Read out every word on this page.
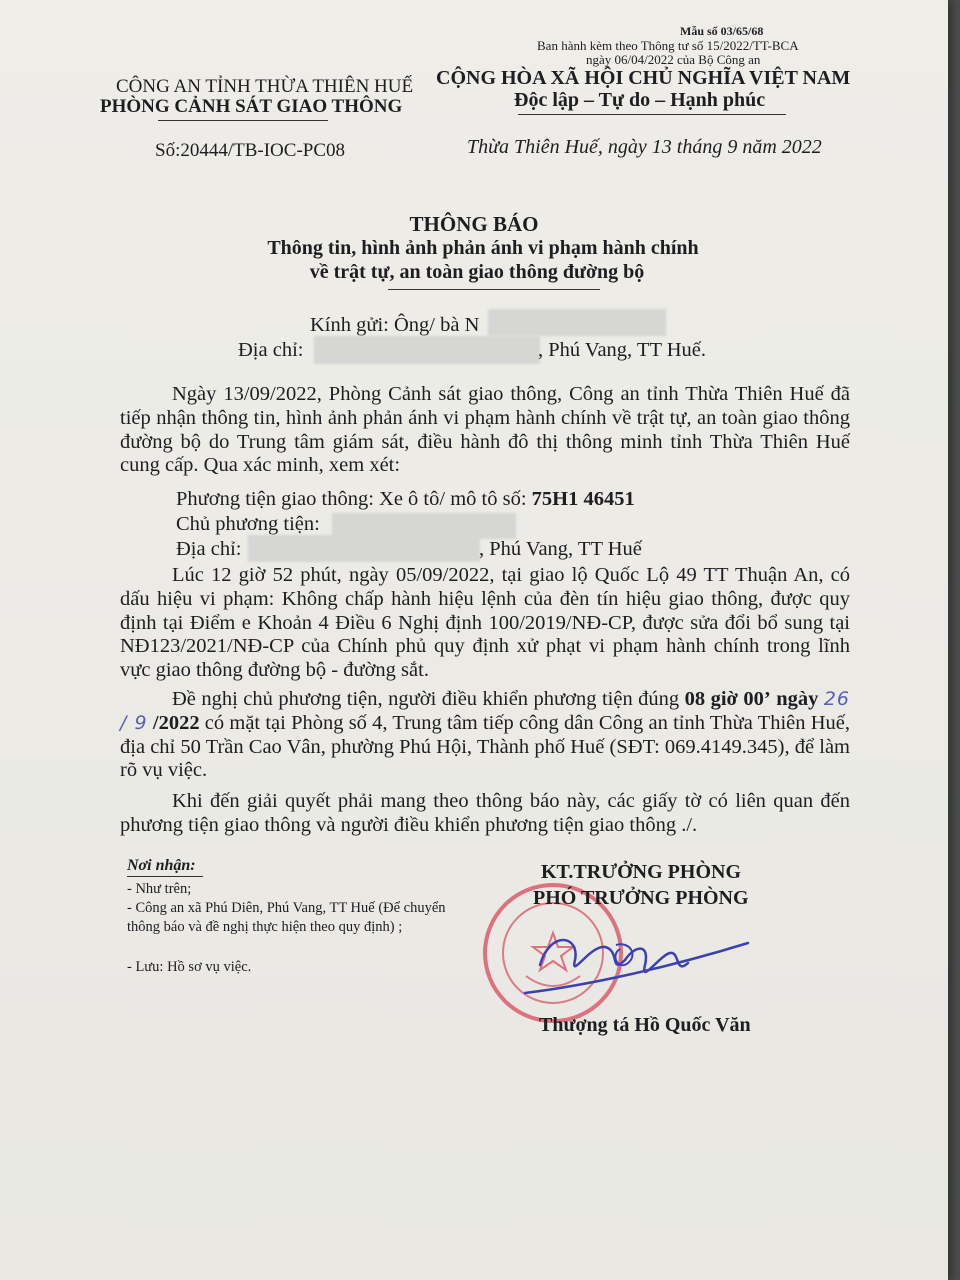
Mẫu số 03/65/68
Ban hành kèm theo Thông tư số 15/2022/TT-BCA
ngày 06/04/2022 của Bộ Công an
CÔNG AN TỈNH THỪA THIÊN HUẾ
PHÒNG CẢNH SÁT GIAO THÔNG
CỘNG HÒA XÃ HỘI CHỦ NGHĨA VIỆT NAM
Độc lập – Tự do – Hạnh phúc
Số:20444/TB-IOC-PC08	Thừa Thiên Huế, ngày 13 tháng 9 năm 2022
THÔNG BÁO
Thông tin, hình ảnh phản ánh vi phạm hành chính
về trật tự, an toàn giao thông đường bộ
Kính gửi: Ông/ bà N
Địa chỉ:	, Phú Vang, TT Huế.
Ngày 13/09/2022, Phòng Cảnh sát giao thông, Công an tỉnh Thừa Thiên Huế đã tiếp nhận thông tin, hình ảnh phản ánh vi phạm hành chính về trật tự, an toàn giao thông đường bộ do Trung tâm giám sát, điều hành đô thị thông minh tỉnh Thừa Thiên Huế cung cấp. Qua xác minh, xem xét:
Phương tiện giao thông: Xe ô tô/ mô tô số: 75H1 46451
Chủ phương tiện:
Địa chỉ:	, Phú Vang, TT Huế
Lúc 12 giờ 52 phút, ngày 05/09/2022, tại giao lộ Quốc Lộ 49 TT Thuận An, có dấu hiệu vi phạm: Không chấp hành hiệu lệnh của đèn tín hiệu giao thông, được quy định tại Điểm e Khoản 4 Điều 6 Nghị định 100/2019/NĐ-CP, được sửa đổi bổ sung tại NĐ123/2021/NĐ-CP của Chính phủ quy định xử phạt vi phạm hành chính trong lĩnh vực giao thông đường bộ - đường sắt.
Đề nghị chủ phương tiện, người điều khiển phương tiện đúng 08 giờ 00’ ngày 26 / 9 /2022 có mặt tại Phòng số 4, Trung tâm tiếp công dân Công an tỉnh Thừa Thiên Huế, địa chỉ 50 Trần Cao Vân, phường Phú Hội, Thành phố Huế (SĐT: 069.4149.345), để làm rõ vụ việc.
Khi đến giải quyết phải mang theo thông báo này, các giấy tờ có liên quan đến phương tiện giao thông và người điều khiển phương tiện giao thông ./.
Nơi nhận:
- Như trên;
- Công an xã Phú Diên, Phú Vang, TT Huế (Để chuyển thông báo và đề nghị thực hiện theo quy định) ;
- Lưu: Hồ sơ vụ việc.
KT.TRƯỞNG PHÒNG
PHÓ TRƯỞNG PHÒNG
Thượng tá Hồ Quốc Văn
